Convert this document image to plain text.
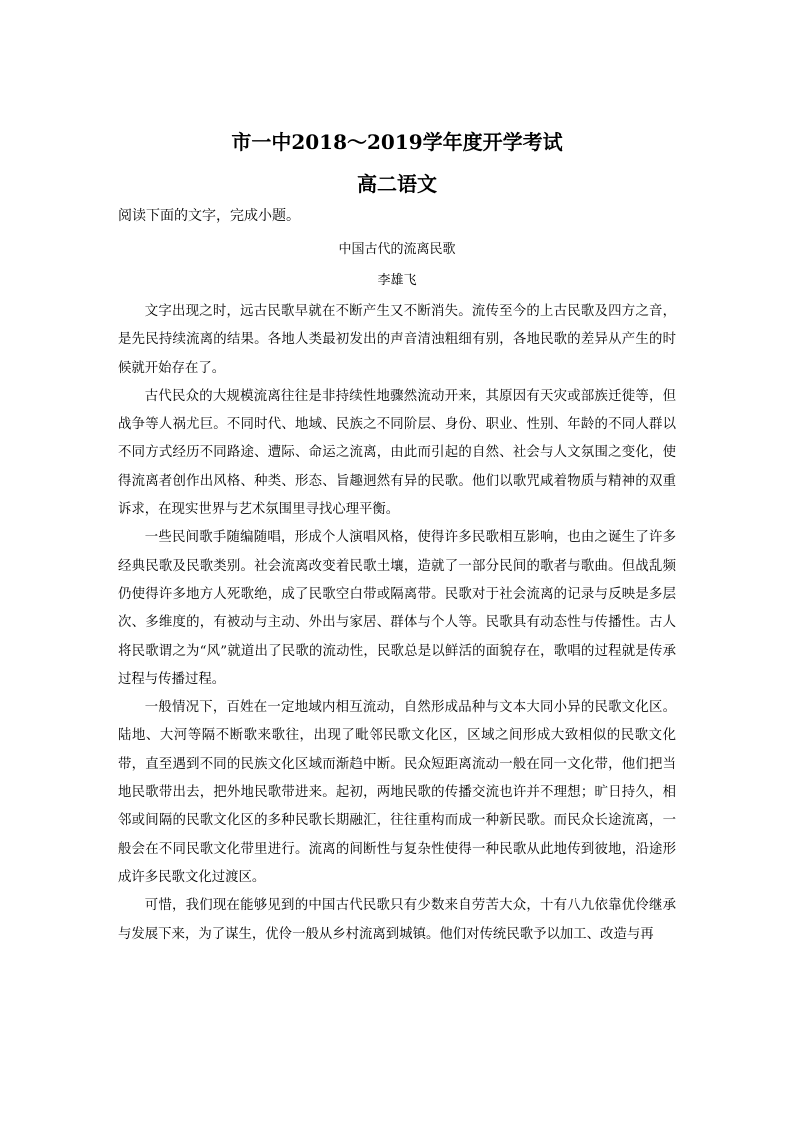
市一中2018～2019学年度开学考试
高二语文
阅读下面的文字，完成小题。
中国古代的流离民歌
李雄飞

文字出现之时，远古民歌早就在不断产生又不断消失。流传至今的上古民歌及四方之音，是先民持续流离的结果。各地人类最初发出的声音清浊粗细有别，各地民歌的差异从产生的时候就开始存在了。

古代民众的大规模流离往往是非持续性地骤然流动开来，其原因有天灾或部族迁徙等，但战争等人祸尤巨。不同时代、地域、民族之不同阶层、身份、职业、性别、年龄的不同人群以不同方式经历不同路途、遭际、命运之流离，由此而引起的自然、社会与人文氛围之变化，使得流离者创作出风格、种类、形态、旨趣迥然有异的民歌。他们以歌咒咸着物质与精神的双重诉求，在现实世界与艺术氛围里寻找心理平衡。

一些民间歌手随编随唱，形成个人演唱风格，使得许多民歌相互影响，也由之诞生了许多经典民歌及民歌类别。社会流离改变着民歌土壤，造就了一部分民间的歌者与歌曲。但战乱频仍使得许多地方人死歌绝，成了民歌空白带或隔离带。民歌对于社会流离的记录与反映是多层次、多维度的，有被动与主动、外出与家居、群体与个人等。民歌具有动态性与传播性。古人将民歌谓之为“风”就道出了民歌的流动性，民歌总是以鲜活的面貌存在，歌唱的过程就是传承过程与传播过程。

一般情况下，百姓在一定地域内相互流动，自然形成品种与文本大同小异的民歌文化区。陆地、大河等隔不断歌来歌往，出现了毗邻民歌文化区，区域之间形成大致相似的民歌文化带，直至遇到不同的民族文化区域而渐趋中断。民众短距离流动一般在同一文化带，他们把当地民歌带出去，把外地民歌带进来。起初，两地民歌的传播交流也许并不理想；旷日持久，相邻或间隔的民歌文化区的多种民歌长期融汇，往往重构而成一种新民歌。而民众长途流离，一般会在不同民歌文化带里进行。流离的间断性与复杂性使得一种民歌从此地传到彼地，沿途形成许多民歌文化过渡区。

可惜，我们现在能够见到的中国古代民歌只有少数来自劳苦大众，十有八九依靠优伶继承与发展下来，为了谋生，优伶一般从乡村流离到城镇。他们对传统民歌予以加工、改造与再
